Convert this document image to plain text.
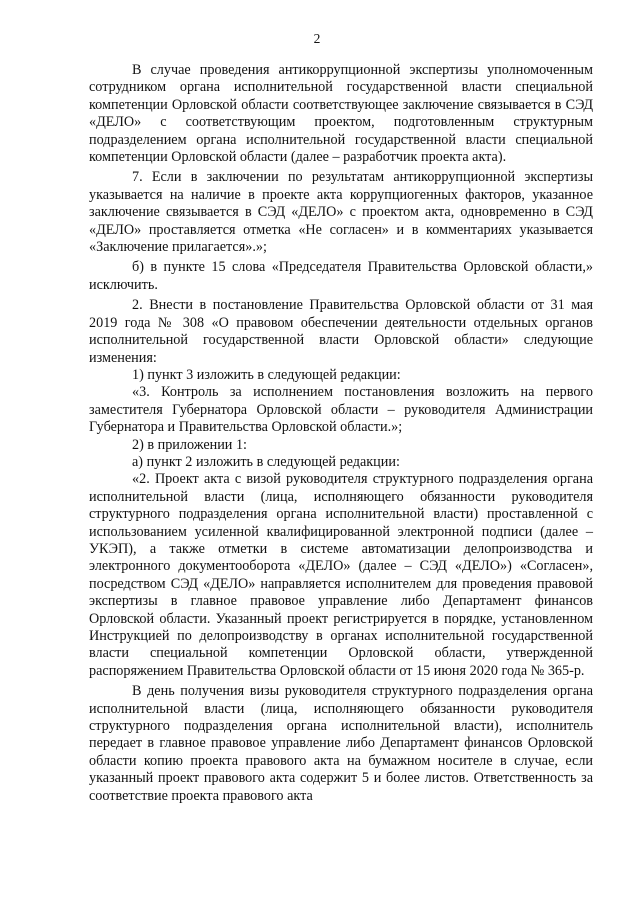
2

В случае проведения антикоррупционной экспертизы уполномоченным сотрудником органа исполнительной государственной власти специальной компетенции Орловской области соответствующее заключение связывается в СЭД «ДЕЛО» с соответствующим проектом, подготовленным структурным подразделением органа исполнительной государственной власти специальной компетенции Орловской области (далее – разработчик проекта акта).

7. Если в заключении по результатам антикоррупционной экспертизы указывается на наличие в проекте акта коррупциогенных факторов, указанное заключение связывается в СЭД «ДЕЛО» с проектом акта, одновременно в СЭД «ДЕЛО» проставляется отметка «Не согласен» и в комментариях указывается «Заключение прилагается».»;

б) в пункте 15 слова «Председателя Правительства Орловской области,» исключить.

2. Внести в постановление Правительства Орловской области от 31 мая 2019 года № 308 «О правовом обеспечении деятельности отдельных органов исполнительной государственной власти Орловской области» следующие изменения:

1) пункт 3 изложить в следующей редакции:

«3. Контроль за исполнением постановления возложить на первого заместителя Губернатора Орловской области – руководителя Администрации Губернатора и Правительства Орловской области.»;

2) в приложении 1:

а) пункт 2 изложить в следующей редакции:

«2. Проект акта с визой руководителя структурного подразделения органа исполнительной власти (лица, исполняющего обязанности руководителя структурного подразделения органа исполнительной власти) проставленной с использованием усиленной квалифицированной электронной подписи (далее – УКЭП), а также отметки в системе автоматизации делопроизводства и электронного документооборота «ДЕЛО» (далее – СЭД «ДЕЛО») «Согласен», посредством СЭД «ДЕЛО» направляется исполнителем для проведения правовой экспертизы в главное правовое управление либо Департамент финансов Орловской области. Указанный проект регистрируется в порядке, установленном Инструкцией по делопроизводству в органах исполнительной государственной власти специальной компетенции Орловской области, утвержденной распоряжением Правительства Орловской области от 15 июня 2020 года № 365-р.

В день получения визы руководителя структурного подразделения органа исполнительной власти (лица, исполняющего обязанности руководителя структурного подразделения органа исполнительной власти), исполнитель передает в главное правовое управление либо Департамент финансов Орловской области копию проекта правового акта на бумажном носителе в случае, если указанный проект правового акта содержит 5 и более листов. Ответственность за соответствие проекта правового акта
